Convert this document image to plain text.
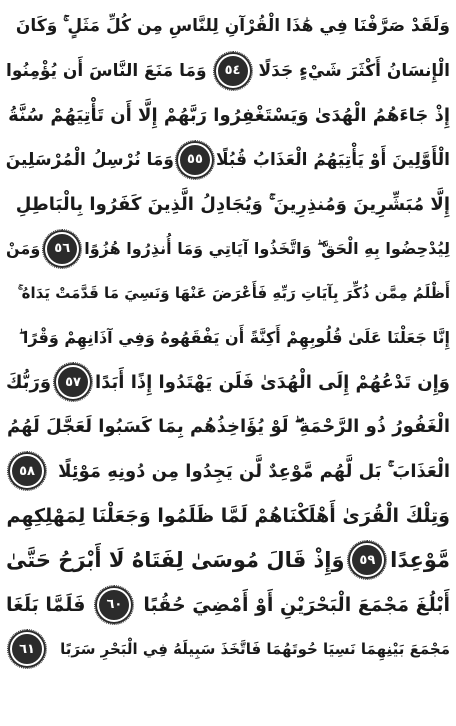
وَلَقَدْ صَرَّفْنَا فِي هَٰذَا الْقُرْآنِ لِلنَّاسِ مِن كُلِّ مَثَلٍ ۚ وَكَانَ
الْإِنسَانُ أَكْثَرَ شَيْءٍ جَدَلًا
٥٤
وَمَا مَنَعَ النَّاسَ أَن يُؤْمِنُوا
إِذْ جَاءَهُمُ الْهُدَىٰ وَيَسْتَغْفِرُوا رَبَّهُمْ إِلَّا أَن تَأْتِيَهُمْ سُنَّةُ
الْأَوَّلِينَ أَوْ يَأْتِيَهُمُ الْعَذَابُ قُبُلًا
٥٥
وَمَا نُرْسِلُ الْمُرْسَلِينَ
إِلَّا مُبَشِّرِينَ وَمُنذِرِينَ ۚ وَيُجَادِلُ الَّذِينَ كَفَرُوا بِالْبَاطِلِ
لِيُدْحِضُوا بِهِ الْحَقَّ ۖ وَاتَّخَذُوا آيَاتِي وَمَا أُنذِرُوا هُزُوًا
٥٦
وَمَنْ
أَظْلَمُ مِمَّن ذُكِّرَ بِآيَاتِ رَبِّهِ فَأَعْرَضَ عَنْهَا وَنَسِيَ مَا قَدَّمَتْ يَدَاهُ ۚ
إِنَّا جَعَلْنَا عَلَىٰ قُلُوبِهِمْ أَكِنَّةً أَن يَفْقَهُوهُ وَفِي آذَانِهِمْ وَقْرًا ۖ
وَإِن تَدْعُهُمْ إِلَى الْهُدَىٰ فَلَن يَهْتَدُوا إِذًا أَبَدًا
٥٧
وَرَبُّكَ
الْغَفُورُ ذُو الرَّحْمَةِ ۖ لَوْ يُؤَاخِذُهُم بِمَا كَسَبُوا لَعَجَّلَ لَهُمُ
الْعَذَابَ ۚ بَل لَّهُم مَّوْعِدٌ لَّن يَجِدُوا مِن دُونِهِ مَوْئِلًا
٥٨
وَتِلْكَ الْقُرَىٰ أَهْلَكْنَاهُمْ لَمَّا ظَلَمُوا وَجَعَلْنَا لِمَهْلِكِهِم
مَّوْعِدًا
٥٩
وَإِذْ قَالَ مُوسَىٰ لِفَتَاهُ لَا أَبْرَحُ حَتَّىٰ
أَبْلُغَ مَجْمَعَ الْبَحْرَيْنِ أَوْ أَمْضِيَ حُقُبًا
٦٠
فَلَمَّا بَلَغَا
مَجْمَعَ بَيْنِهِمَا نَسِيَا حُوتَهُمَا فَاتَّخَذَ سَبِيلَهُ فِي الْبَحْرِ سَرَبًا
٦١
